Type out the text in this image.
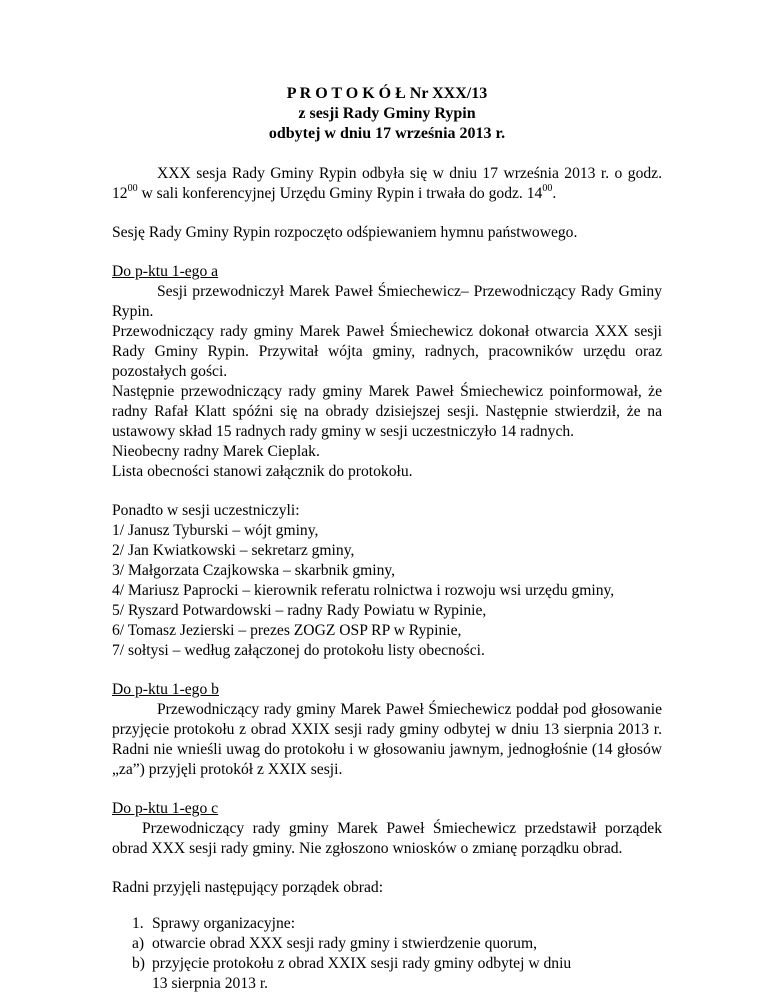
P R O T O K Ó Ł Nr XXX/13
z sesji Rady Gminy Rypin
odbytej w dniu 17 września 2013 r.

XXX sesja Rady Gminy Rypin odbyła się w dniu 17 września 2013 r. o godz. $12^{00}$ w sali konferencyjnej Urzędu Gminy Rypin i trwała do godz. $14^{00}$.

Sesję Rady Gminy Rypin rozpoczęto odśpiewaniem hymnu państwowego.

Do p-ktu 1-ego a

Sesji przewodniczył Marek Paweł Śmiechewicz– Przewodniczący Rady Gminy Rypin.

Przewodniczący rady gminy Marek Paweł Śmiechewicz dokonał otwarcia XXX sesji Rady Gminy Rypin. Przywitał wójta gminy, radnych, pracowników urzędu oraz pozostałych gości.

Następnie przewodniczący rady gminy Marek Paweł Śmiechewicz poinformował, że radny Rafał Klatt spóźni się na obrady dzisiejszej sesji. Następnie stwierdził, że na ustawowy skład 15 radnych rady gminy w sesji uczestniczyło 14 radnych.

Nieobecny radny Marek Cieplak.

Lista obecności stanowi załącznik do protokołu.

Ponadto w sesji uczestniczyli:

1/ Janusz Tyburski – wójt gminy,

2/ Jan Kwiatkowski – sekretarz gminy,

3/ Małgorzata Czajkowska – skarbnik gminy,

4/ Mariusz Paprocki – kierownik referatu rolnictwa i rozwoju wsi urzędu gminy,

5/ Ryszard Potwardowski – radny Rady Powiatu w Rypinie,

6/ Tomasz Jezierski – prezes ZOGZ OSP RP w Rypinie,

7/ sołtysi – według załączonej do protokołu listy obecności.

Do p-ktu 1-ego b

Przewodniczący rady gminy Marek Paweł Śmiechewicz poddał pod głosowanie przyjęcie protokołu z obrad XXIX sesji rady gminy odbytej w dniu 13 sierpnia 2013 r. Radni nie wnieśli uwag do protokołu i w głosowaniu jawnym, jednogłośnie (14 głosów „za”) przyjęli protokół z XXIX sesji.

Do p-ktu 1-ego c

Przewodniczący rady gminy Marek Paweł Śmiechewicz przedstawił porządek obrad XXX sesji rady gminy. Nie zgłoszono wniosków o zmianę porządku obrad.

Radni przyjęli następujący porządek obrad:

1. Sprawy organizacyjne:
a) otwarcie obrad XXX sesji rady gminy i stwierdzenie quorum,
b) przyjęcie protokołu z obrad XXIX sesji rady gminy odbytej w dniu
13 sierpnia 2013 r.
